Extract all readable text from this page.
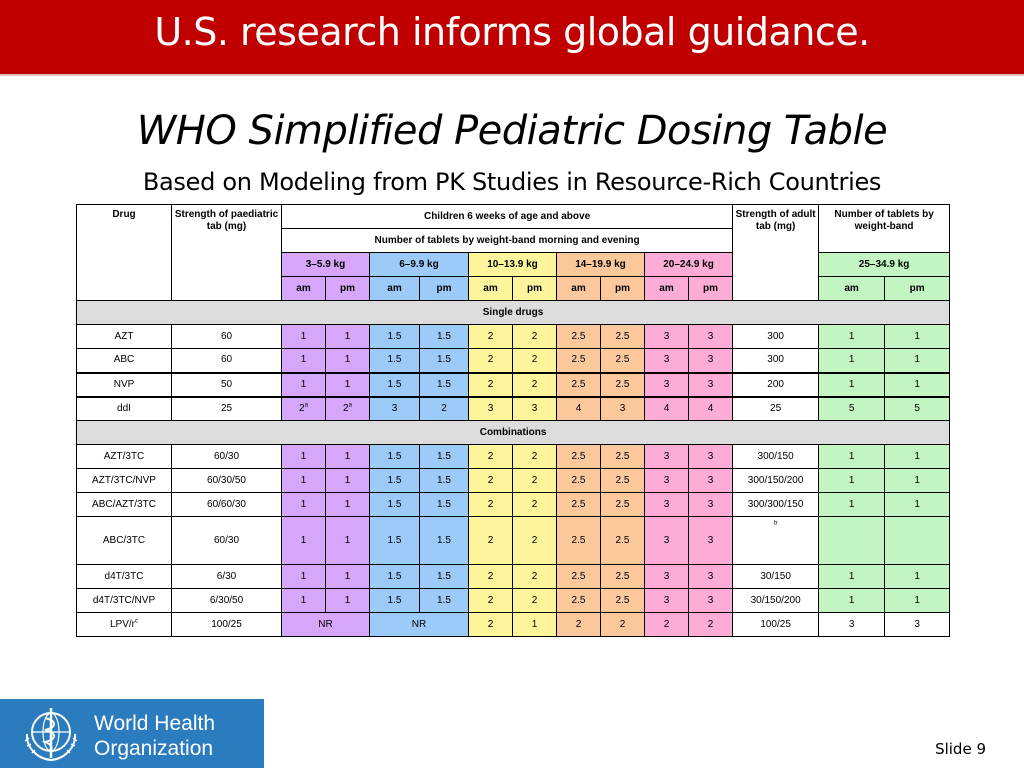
U.S. research informs global guidance.
WHO Simplified Pediatric Dosing Table
Based on Modeling from PK Studies in Resource-Rich Countries
Drug	Strength of paediatric tab (mg)	Children 6 weeks of age and above										Strength of adult tab (mg)	Number of tablets by weight-band	
		Number of tablets by weight-band morning and evening												
		3–5.9 kg		6–9.9 kg		10–13.9 kg		14–19.9 kg		20–24.9 kg			25–34.9 kg	
		am	pm	am	pm	am	pm	am	pm	am	pm		am	pm
Single drugs														
AZT	60	1	1	1.5	1.5	2	2	2.5	2.5	3	3	300	1	1
ABC	60	1	1	1.5	1.5	2	2	2.5	2.5	3	3	300	1	1
NVP	50	1	1	1.5	1.5	2	2	2.5	2.5	3	3	200	1	1
ddI	25	2$^a$	2$^a$	3	2	3	3	4	3	4	4	25	5	5
Combinations														
AZT/3TC	60/30	1	1	1.5	1.5	2	2	2.5	2.5	3	3	300/150	1	1
AZT/3TC/NVP	60/30/50	1	1	1.5	1.5	2	2	2.5	2.5	3	3	300/150/200	1	1
ABC/AZT/3TC	60/60/30	1	1	1.5	1.5	2	2	2.5	2.5	3	3	300/300/150	1	1
ABC/3TC	60/30	1	1	1.5	1.5	2	2	2.5	2.5	3	3	$^b$		
d4T/3TC	6/30	1	1	1.5	1.5	2	2	2.5	2.5	3	3	30/150	1	1
d4T/3TC/NVP	6/30/50	1	1	1.5	1.5	2	2	2.5	2.5	3	3	30/150/200	1	1
LPV/$r^c$	100/25	NR		NR		2	1	2	2	2	2	100/25	3	3
World Health
Organization	Slide 9
